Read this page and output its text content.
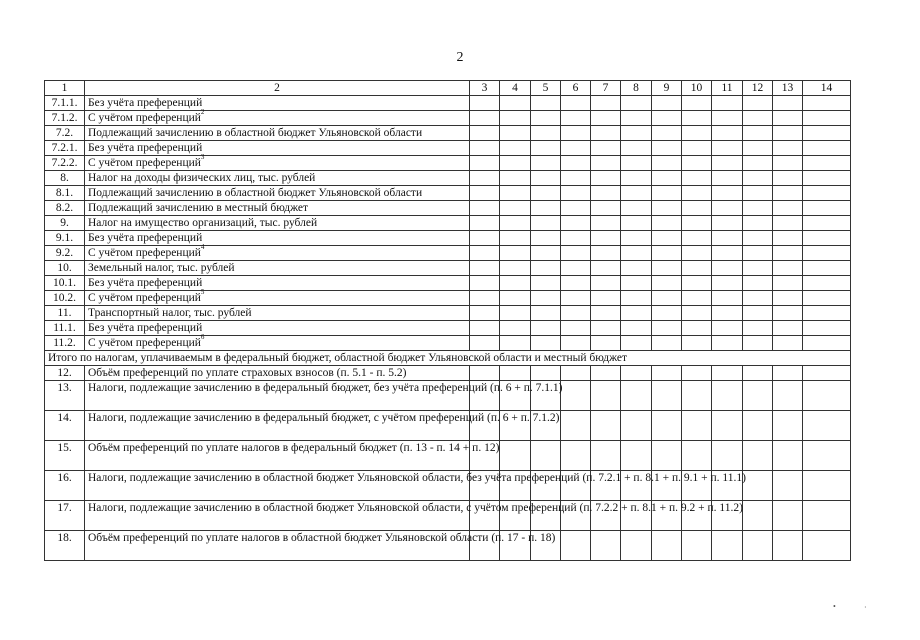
2
1	2	3	4	5	6	7	8	9	10	11	12	13	14
7.1.1.	Без учёта преференций												
7.1.2.	С учётом преференций$^2$												
7.2.	Подлежащий зачислению в областной бюджет Ульяновской области												
7.2.1.	Без учёта преференций												
7.2.2.	С учётом преференций$^3$												
8.	Налог на доходы физических лиц, тыс. рублей												
8.1.	Подлежащий зачислению в областной бюджет Ульяновской области												
8.2.	Подлежащий зачислению в местный бюджет												
9.	Налог на имущество организаций, тыс. рублей												
9.1.	Без учёта преференций												
9.2.	С учётом преференций$^4$												
10.	Земельный налог, тыс. рублей												
10.1.	Без учёта преференций												
10.2.	С учётом преференций$^5$												
11.	Транспортный налог, тыс. рублей												
11.1.	Без учёта преференций												
11.2.	С учётом преференций$^6$												
Итого по налогам, уплачиваемым в федеральный бюджет, областной бюджет Ульяновской области и местный бюджет													
12.	Объём преференций по уплате страховых взносов (п. 5.1 - п. 5.2)												
13.	Налоги, подлежащие зачислению в федеральный бюджет, без учёта преференций (п. 6 + п. 7.1.1)												
14.	Налоги, подлежащие зачислению в федеральный бюджет, с учётом преференций (п. 6 + п. 7.1.2)												
15.	Объём преференций по уплате налогов в федеральный бюджет (п. 13 - п. 14 + п. 12)												
16.	Налоги, подлежащие зачислению в областной бюджет Ульяновской области, без учёта преференций (п. 7.2.1 + п. 8.1 + п. 9.1 + п. 11.1)												
17.	Налоги, подлежащие зачислению в областной бюджет Ульяновской области, с учётом преференций (п. 7.2.2 + п. 8.1 + п. 9.2 + п. 11.2)												
18.	Объём преференций по уплате налогов в областной бюджет Ульяновской области (п. 17 - п. 18)												
•	·
